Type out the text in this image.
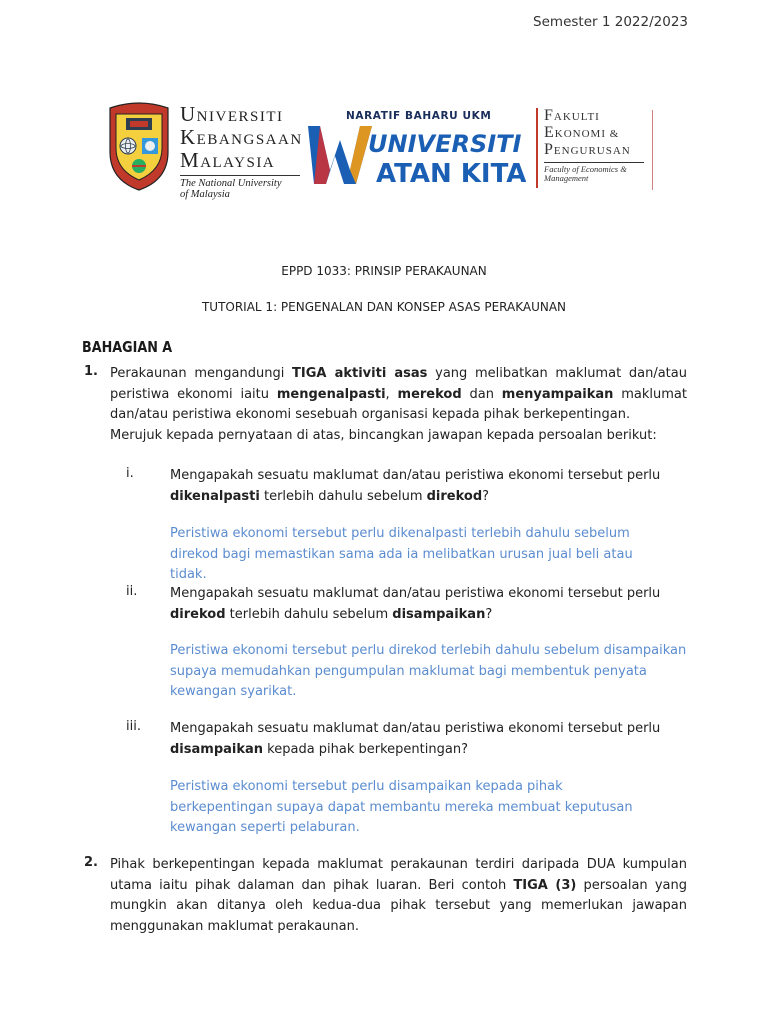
Semester 1 2022/2023
UNIVERSITI
KEBANGSAAN
MALAYSIA
The National University
of Malaysia
NARATIF BAHARU UKM
UNIVERSITI
ATAN KITA
FAKULTI
EKONOMI &
PENGURUSAN
Faculty of Economics &
Management
EPPD 1033: PRINSIP PERAKAUNAN
TUTORIAL 1: PENGENALAN DAN KONSEP ASAS PERAKAUNAN
BAHAGIAN A
1. Perakaunan mengandungi TIGA aktiviti asas yang melibatkan maklumat dan/atau peristiwa ekonomi iaitu mengenalpasti, merekod dan menyampaikan maklumat dan/atau peristiwa ekonomi sesebuah organisasi kepada pihak berkepentingan.
Merujuk kepada pernyataan di atas, bincangkan jawapan kepada persoalan berikut:
i.	Mengapakah sesuatu maklumat dan/atau peristiwa ekonomi tersebut perlu
dikenalpasti terlebih dahulu sebelum direkod?
Peristiwa ekonomi tersebut perlu dikenalpasti terlebih dahulu sebelum direkod bagi memastikan sama ada ia melibatkan urusan jual beli atau tidak.
ii.	Mengapakah sesuatu maklumat dan/atau peristiwa ekonomi tersebut perlu
direkod terlebih dahulu sebelum disampaikan?
Peristiwa ekonomi tersebut perlu direkod terlebih dahulu sebelum disampaikan supaya memudahkan pengumpulan maklumat bagi membentuk penyata kewangan syarikat.
iii. Mengapakah sesuatu maklumat dan/atau peristiwa ekonomi tersebut perlu
disampaikan kepada pihak berkepentingan?
Peristiwa ekonomi tersebut perlu disampaikan kepada pihak berkepentingan supaya dapat membantu mereka membuat keputusan kewangan seperti pelaburan.
2. Pihak berkepentingan kepada maklumat perakaunan terdiri daripada DUA kumpulan utama iaitu pihak dalaman dan pihak luaran. Beri contoh TIGA (3) persoalan yang mungkin akan ditanya oleh kedua-dua pihak tersebut yang memerlukan jawapan menggunakan maklumat perakaunan.
